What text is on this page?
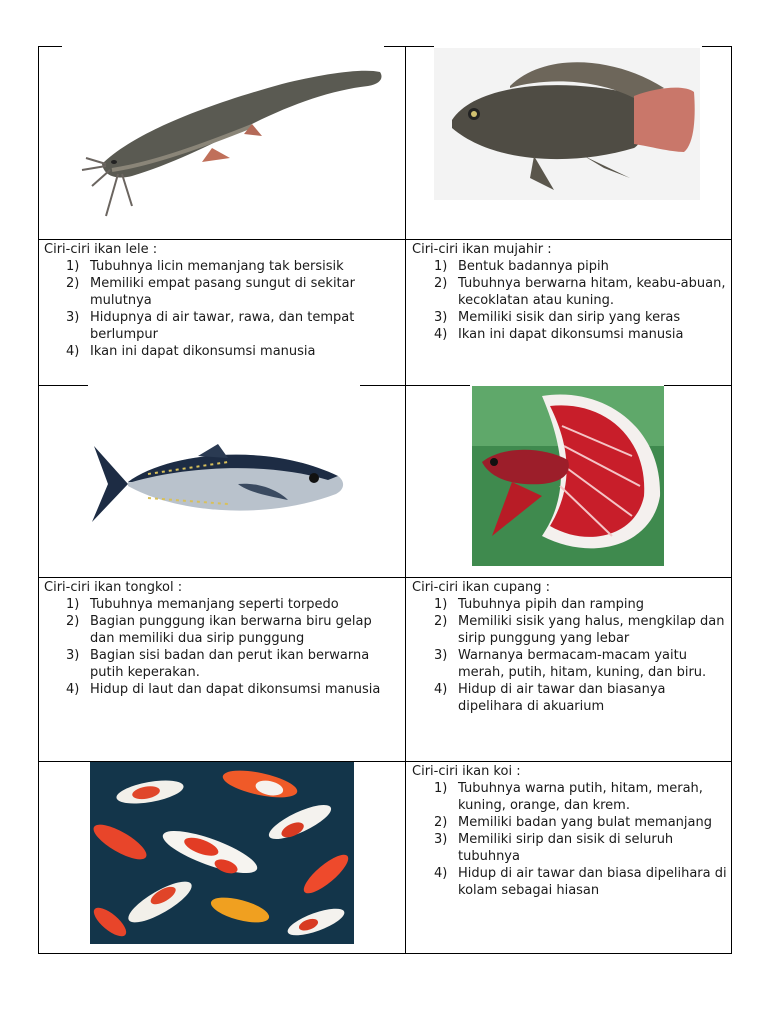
Ciri-ciri ikan lele :

1) Tubuhnya licin memanjang tak bersisik
2) Memiliki empat pasang sungut di sekitar mulutnya
3) Hidupnya di air tawar, rawa, dan tempat berlumpur
4) Ikan ini dapat dikonsumsi manusia

Ciri-ciri ikan mujahir :

1) Bentuk badannya pipih
2) Tubuhnya berwarna hitam, keabu-abuan, kecoklatan atau kuning.
3) Memiliki sisik dan sirip yang keras
4) Ikan ini dapat dikonsumsi manusia

Ciri-ciri ikan tongkol :

1) Tubuhnya memanjang seperti torpedo
2) Bagian punggung ikan berwarna biru gelap dan memiliki dua sirip punggung
3) Bagian sisi badan dan perut ikan berwarna putih keperakan.
4) Hidup di laut dan dapat dikonsumsi manusia

Ciri-ciri ikan cupang :

1) Tubuhnya pipih dan ramping
2) Memiliki sisik yang halus, mengkilap dan sirip punggung yang lebar
3) Warnanya bermacam-macam yaitu merah, putih, hitam, kuning, dan biru.
4) Hidup di air tawar dan biasanya dipelihara di akuarium

Ciri-ciri ikan koi :

1) Tubuhnya warna putih, hitam, merah, kuning, orange, dan krem.
2) Memiliki badan yang bulat memanjang
3) Memiliki sirip dan sisik di seluruh tubuhnya
4) Hidup di air tawar dan biasa dipelihara di kolam sebagai hiasan
